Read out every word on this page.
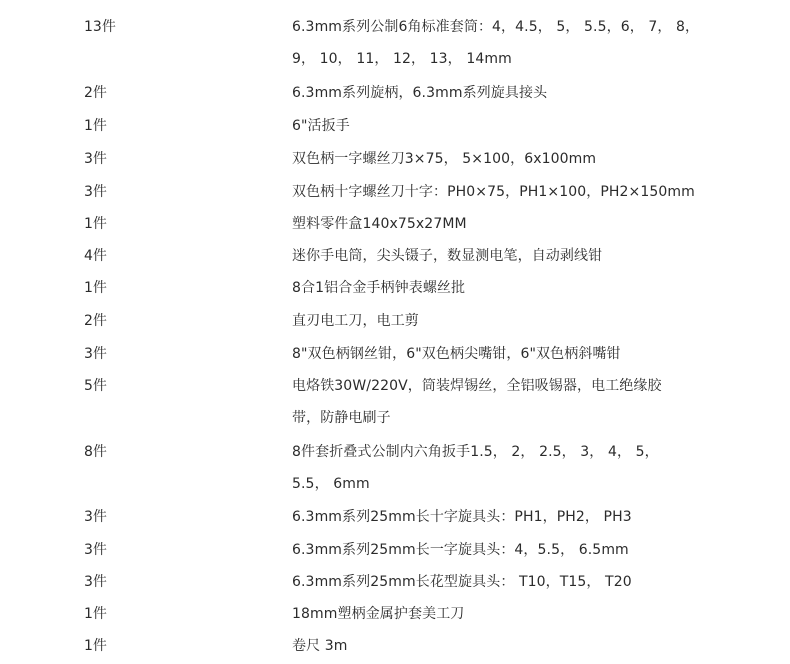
13件	6.3mm系列公制6角标准套筒：4，4.5， 5， 5.5，6， 7， 8，
9， 10， 11， 12， 13， 14mm
2件	6.3mm系列旋柄，6.3mm系列旋具接头
1件	6"活扳手
3件	双色柄一字螺丝刀3×75， 5×100，6x100mm
3件	双色柄十字螺丝刀十字：PH0×75，PH1×100，PH2×150mm
1件	塑料零件盒140x75x27MM
4件	迷你手电筒，尖头镊子，数显测电笔，自动剥线钳
1件	8合1铝合金手柄钟表螺丝批
2件	直刃电工刀，电工剪
3件	8"双色柄钢丝钳，6"双色柄尖嘴钳，6"双色柄斜嘴钳
5件	电烙铁30W/220V，筒装焊锡丝，全铝吸锡器，电工绝缘胶
带，防静电刷子
8件	8件套折叠式公制内六角扳手1.5， 2， 2.5， 3， 4， 5，
5.5， 6mm
3件	6.3mm系列25mm长十字旋具头：PH1，PH2， PH3
3件	6.3mm系列25mm长一字旋具头：4，5.5， 6.5mm
3件	6.3mm系列25mm长花型旋具头： T10，T15， T20
1件	18mm塑柄金属护套美工刀
1件	卷尺 3m
